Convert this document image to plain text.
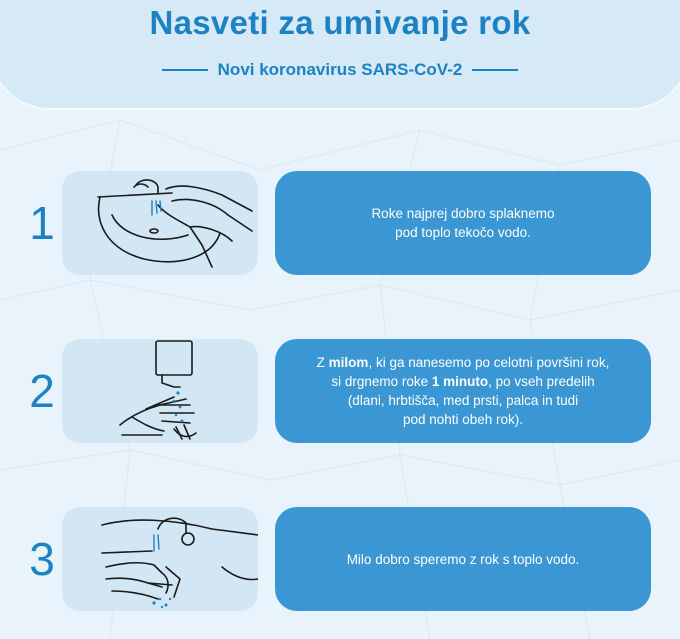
Nasveti za umivanje rok
Novi koronavirus SARS-CoV-2
1	Roke najprej dobro splaknemo
pod toplo tekočo vodo.
2
Z milom, ki ga nanesemo po celotni površini rok,
si drgnemo roke 1 minuto, po vseh predelih
(dlani, hrbtišča, med prsti, palca in tudi
pod nohti obeh rok).
3	Milo dobro speremo z rok s toplo vodo.
